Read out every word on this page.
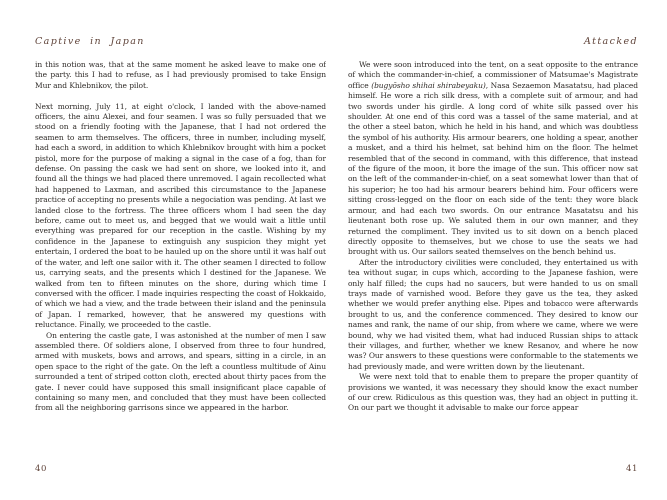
Captive in Japan

in this notion was, that at the same moment he asked leave to make one of the party. this I had to refuse, as I had previously promised to take Ensign Mur and Khlebnikov, the pilot.

Next morning, July 11, at eight o'clock, I landed with the above-named officers, the ainu Alexei, and four seamen. I was so fully persuaded that we stood on a friendly footing with the Japanese, that I had not ordered the seamen to arm themselves. The officers, three in number, including myself, had each a sword, in addition to which Khlebnikov brought with him a pocket pistol, more for the purpose of making a signal in the case of a fog, than for defense. On passing the cask we had sent on shore, we looked into it, and found all the things we had placed there unremoved. I again recollected what had happened to Laxman, and ascribed this circumstance to the Japanese practice of accepting no presents while a negociation was pending. At last we landed close to the fortress. The three officers whom I had seen the day before, came out to meet us, and begged that we would wait a little until everything was prepared for our reception in the castle. Wishing by my confidence in the Japanese to extinguish any suspicion they might yet entertain, I ordered the boat to be hauled up on the shore until it was half out of the water, and left one sailor with it. The other seamen I directed to follow us, carrying seats, and the presents which I destined for the Japanese. We walked from ten to fifteen minutes on the shore, during which time I conversed with the officer. I made inquiries respecting the coast of Hokkaido, of which we had a view, and the trade between their island and the peninsula of Japan. I remarked, however, that he answered my questions with reluctance. Finally, we proceeded to the castle.

On entering the castle gate, I was astonished at the number of men I saw assembled there. Of soldiers alone, I observed from three to four hundred, armed with muskets, bows and arrows, and spears, sitting in a circle, in an open space to the right of the gate. On the left a countless multitude of Ainu surrounded a tent of striped cotton cloth, erected about thirty paces from the gate. I never could have supposed this small insignificant place capable of containing so many men, and concluded that they must have been collected from all the neighboring garrisons since we appeared in the harbor.

40
Attacked

We were soon introduced into the tent, on a seat opposite to the entrance of which the commander-in-chief, a commissioner of Matsumae's Magistrate office (bugyōsho shihai shirabeyaku), Nasa Sezaemon Masatatsu, had placed himself. He wore a rich silk dress, with a complete suit of armour, and had two swords under his girdle. A long cord of white silk passed over his shoulder. At one end of this cord was a tassel of the same material, and at the other a steel baton, which he held in his hand, and which was doubtless the symbol of his authority. His armour bearers, one holding a spear, another a musket, and a third his helmet, sat behind him on the floor. The helmet resembled that of the second in command, with this difference, that instead of the figure of the moon, it bore the image of the sun. This officer now sat on the left of the commander-in-chief, on a seat somewhat lower than that of his superior; he too had his armour bearers behind him. Four officers were sitting cross-legged on the floor on each side of the tent: they wore black armour, and had each two swords. On our entrance Masatatsu and his lieutenant both rose up. We saluted them in our own manner, and they returned the compliment. They invited us to sit down on a bench placed directly opposite to themselves, but we chose to use the seats we had brought with us. Our sailors seated themselves on the bench behind us.

After the introductory civilities were concluded, they entertained us with tea without sugar, in cups which, according to the Japanese fashion, were only half filled; the cups had no saucers, but were handed to us on small trays made of varnished wood. Before they gave us the tea, they asked whether we would prefer anything else. Pipes and tobacco were afterwards brought to us, and the conference commenced. They desired to know our names and rank, the name of our ship, from where we came, where we were bound, why we had visited them, what had induced Russian ships to attack their villages, and further, whether we knew Resanov, and where he now was? Our answers to these questions were conformable to the statements we had previously made, and were written down by the lieutenant.

We were next told that to enable them to prepare the proper quantity of provisions we wanted, it was necessary they should know the exact number of our crew. Ridiculous as this question was, they had an object in putting it. On our part we thought it advisable to make our force appear

41
